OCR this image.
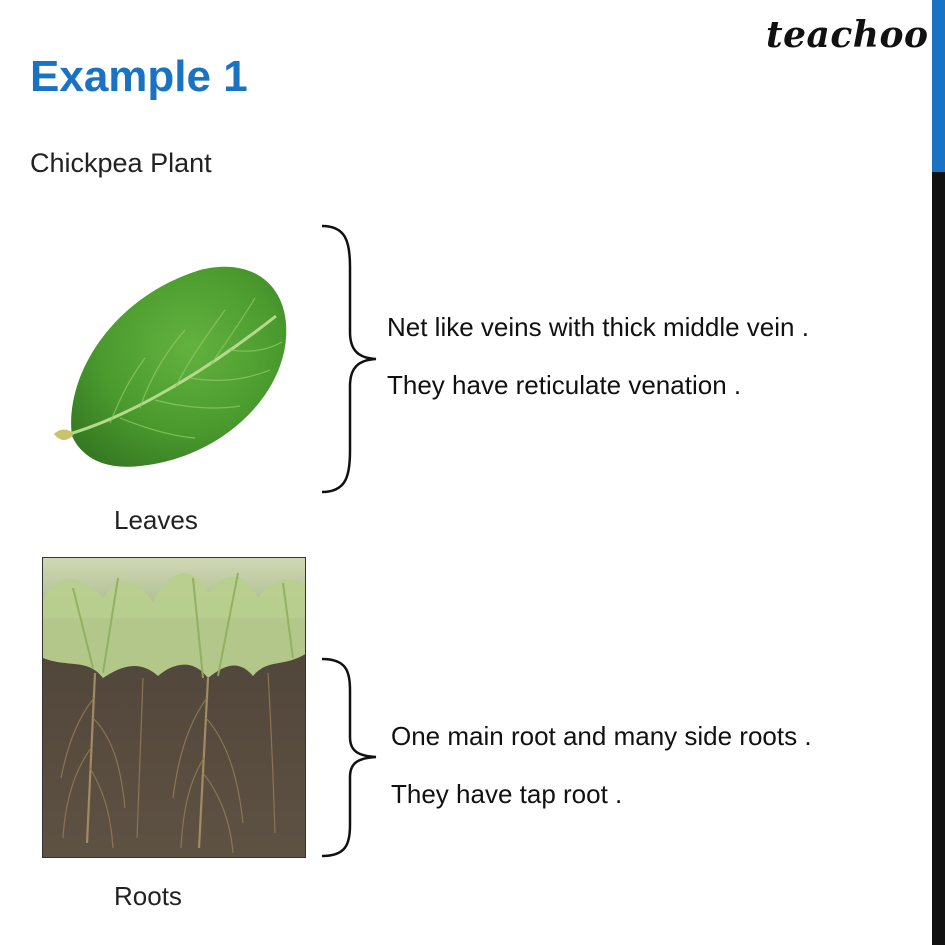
teachoo
Example 1
Chickpea Plant
Leaves
Roots
Net like veins with thick middle vein .
They have reticulate venation .
One main root and many side roots .
They have tap root .
